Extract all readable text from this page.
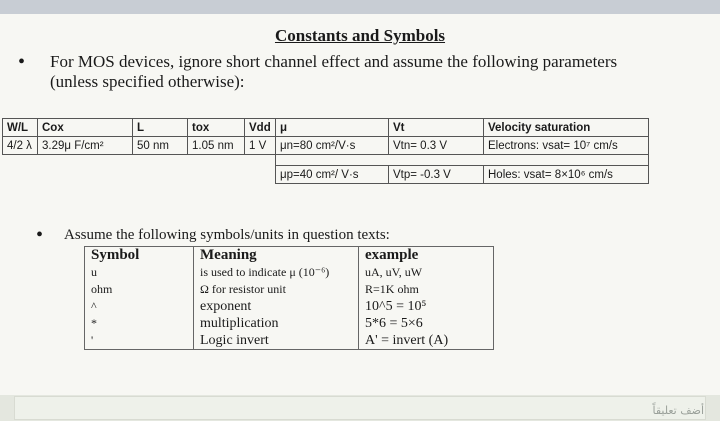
Constants and Symbols
• For MOS devices, ignore short channel effect and assume the following parameters
(unless specified otherwise):
W/L	Cox	L	tox	Vdd	μ	Vt	Velocity saturation
4/2 λ	3.29μ F/cm²	50 nm	1.05 nm	1 V	μn=80 cm²/V·s	Vtn= 0.3 V	Electrons: vsat= 10⁷ cm/s

					μp=40 cm²/ V·s	Vtp= -0.3 V	Holes: vsat= 8×10⁶ cm/s
• Assume the following symbols/units in question texts:
Symbol	Meaning	example
u	is used to indicate μ (10⁻⁶)	uA, uV, uW
ohm	Ω for resistor unit	R=1K ohm
^	exponent	10^5 = 10⁵
*	multiplication	5*6 = 5×6
'	Logic invert	A' = invert (A)
أضف تعليقاً
